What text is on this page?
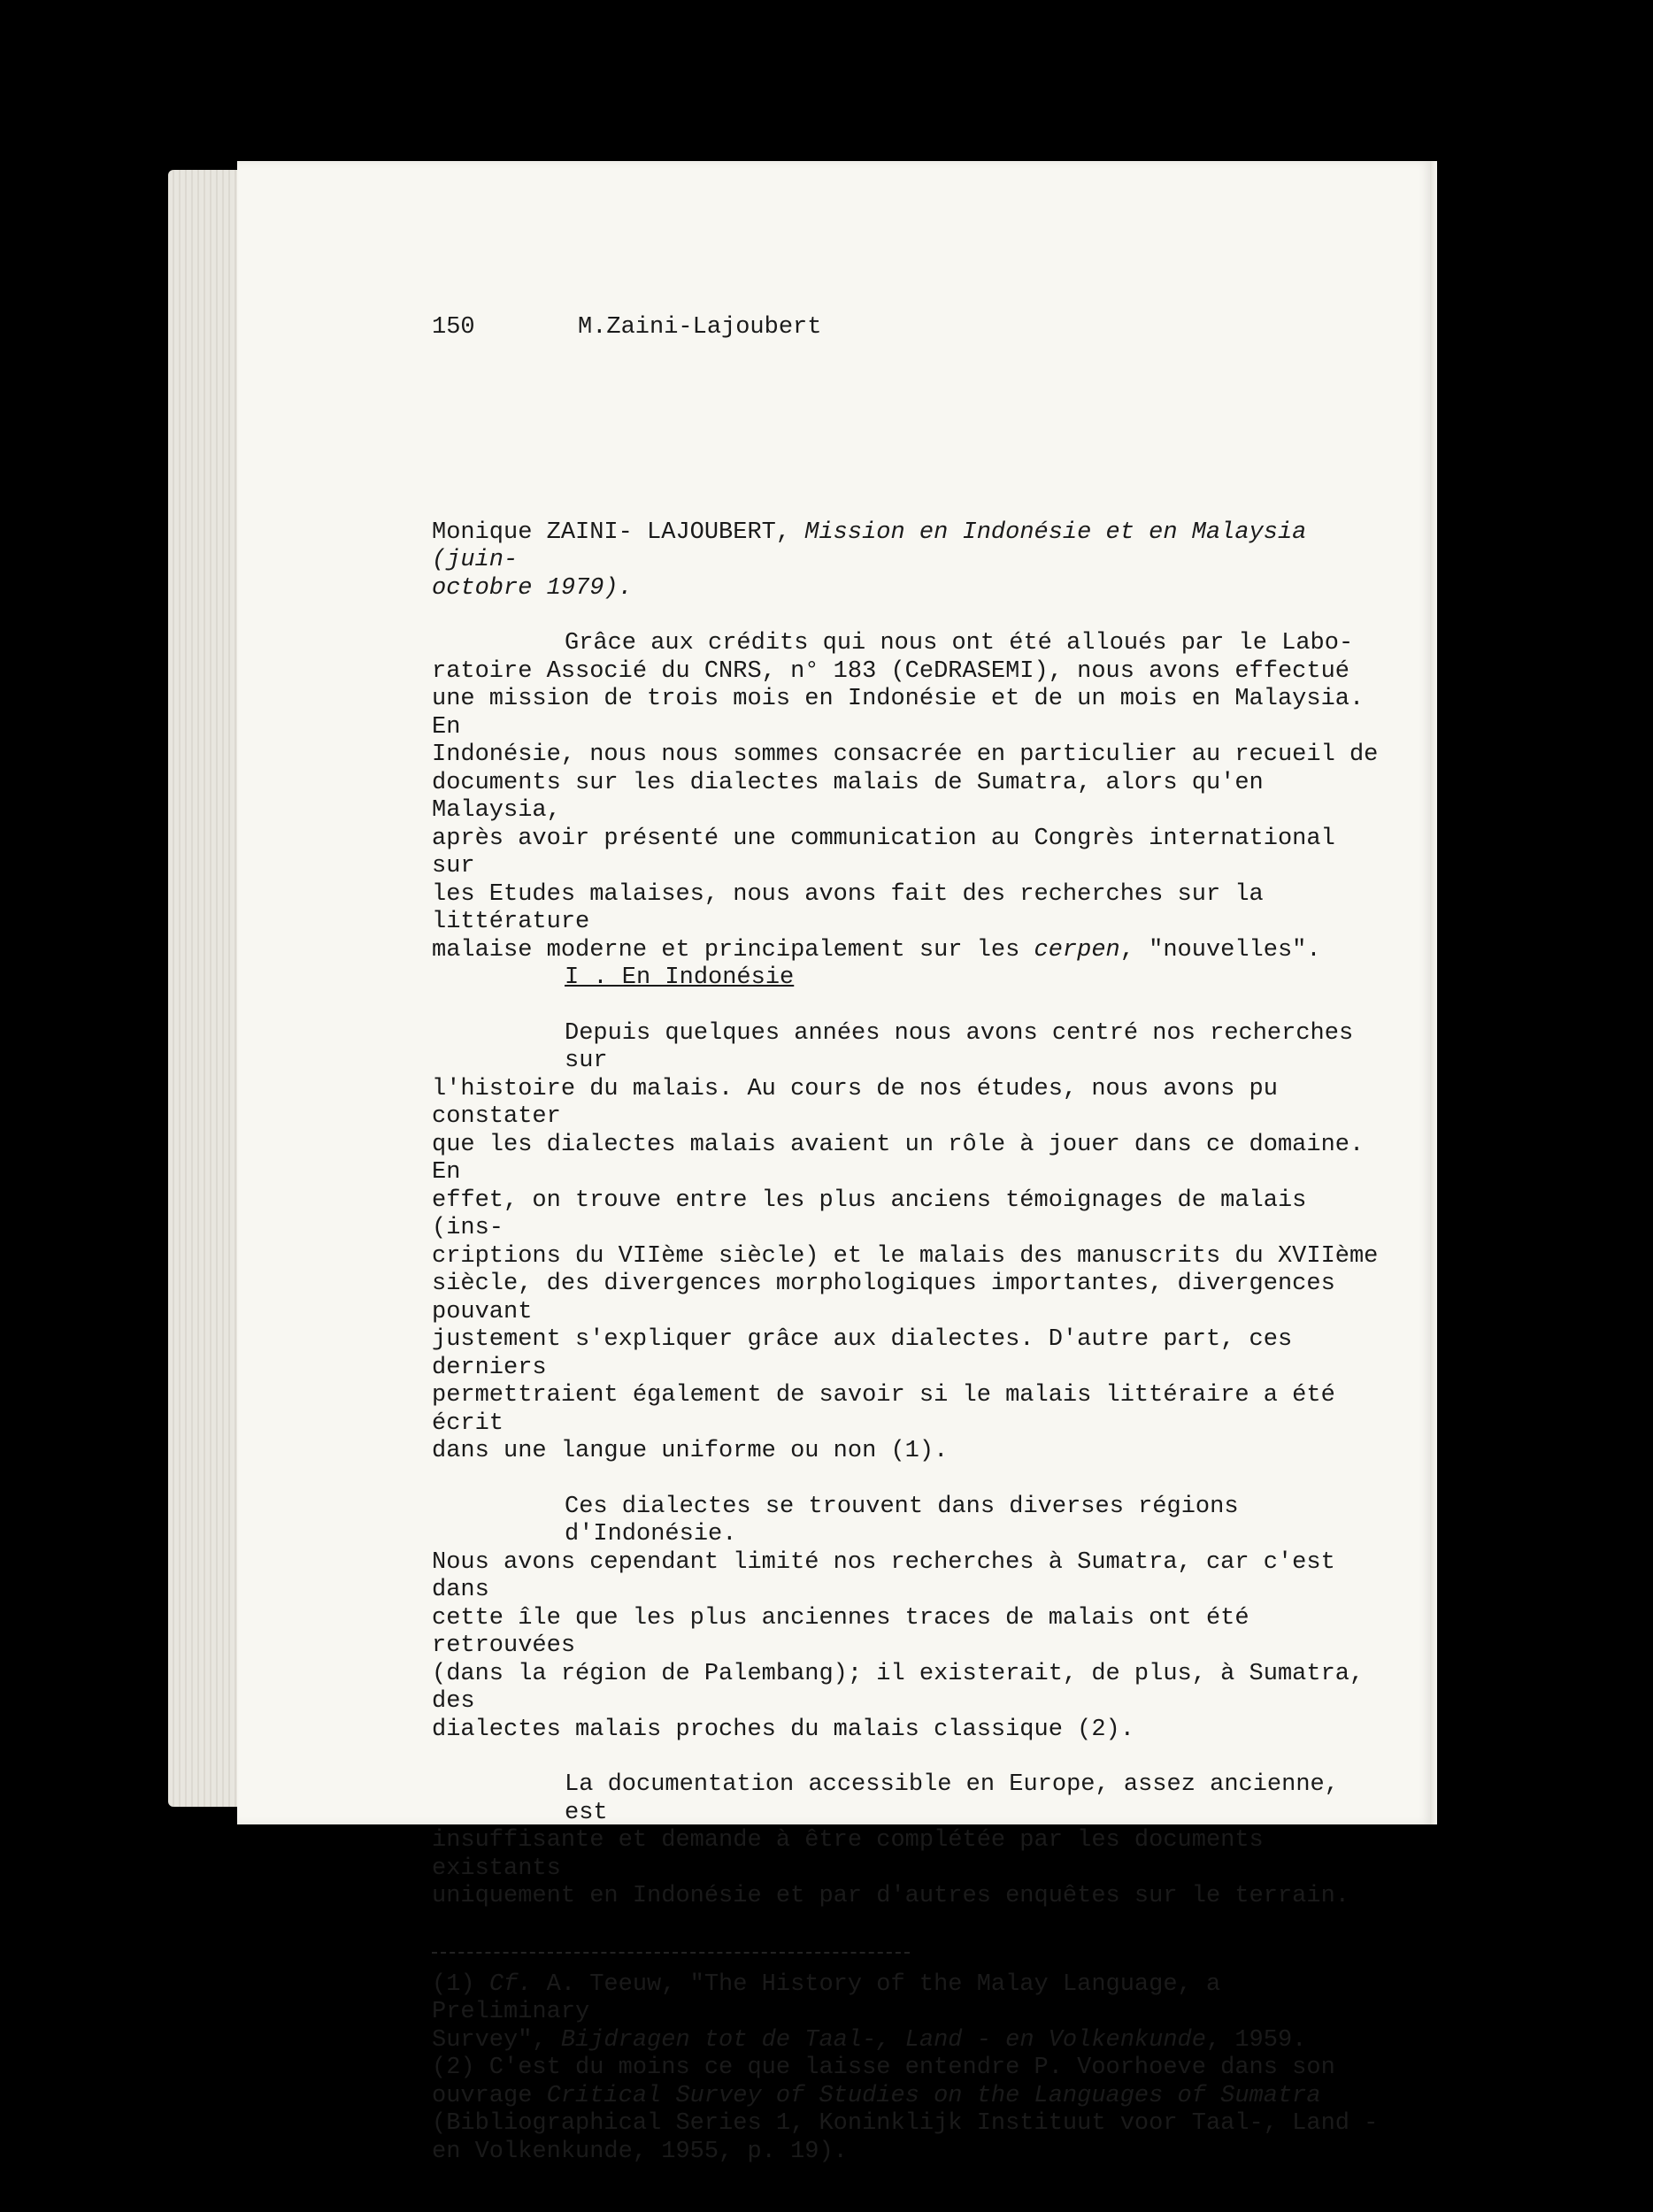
150	M.Zaini-Lajoubert

Monique ZAINI- LAJOUBERT, Mission en Indonésie et en Malaysia (juin-

octobre 1979).

Grâce aux crédits qui nous ont été alloués par le Labo-

ratoire Associé du CNRS, n° 183 (CeDRASEMI), nous avons effectué

une mission de trois mois en Indonésie et de un mois en Malaysia. En

Indonésie, nous nous sommes consacrée en particulier au recueil de

documents sur les dialectes malais de Sumatra, alors qu'en Malaysia,

après avoir présenté une communication au Congrès international sur

les Etudes malaises, nous avons fait des recherches sur la littérature

malaise moderne et principalement sur les cerpen, "nouvelles".

I . En Indonésie

Depuis quelques années nous avons centré nos recherches sur

l'histoire du malais. Au cours de nos études, nous avons pu constater

que les dialectes malais avaient un rôle à jouer dans ce domaine. En

effet, on trouve entre les plus anciens témoignages de malais (ins-

criptions du VIIème siècle) et le malais des manuscrits du XVIIème

siècle, des divergences morphologiques importantes, divergences pouvant

justement s'expliquer grâce aux dialectes. D'autre part, ces derniers

permettraient également de savoir si le malais littéraire a été écrit

dans une langue uniforme ou non (1).

Ces dialectes se trouvent dans diverses régions d'Indonésie.

Nous avons cependant limité nos recherches à Sumatra, car c'est dans

cette île que les plus anciennes traces de malais ont été retrouvées

(dans la région de Palembang); il existerait, de plus, à Sumatra, des

dialectes malais proches du malais classique (2).

La documentation accessible en Europe, assez ancienne, est

insuffisante et demande à être complétée par les documents existants

uniquement en Indonésie et par d'autres enquêtes sur le terrain.

(1) Cf. A. Teeuw, "The History of the Malay Language, a Preliminary

Survey", Bijdragen tot de Taal-, Land - en Volkenkunde, 1959.

(2) C'est du moins ce que laisse entendre P. Voorhoeve dans son

ouvrage Critical Survey of Studies on the Languages of Sumatra

(Bibliographical Series 1, Koninklijk Instituut voor Taal-, Land -

en Volkenkunde, 1955, p. 19).
